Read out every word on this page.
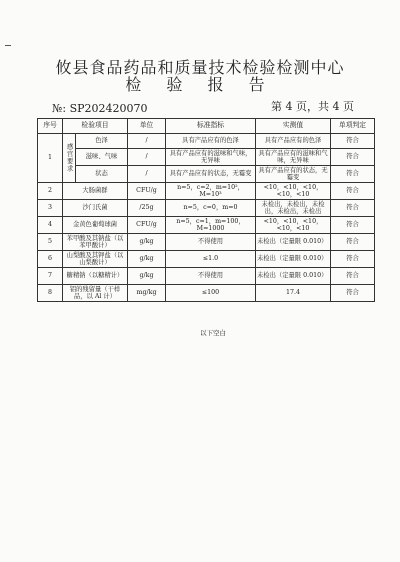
攸县食品药品和质量技术检验检测中心
检 验 报 告
№: SP202420070	第 4 页，共 4 页
序号	检验项目		单位	标准指标	实测值	单项判定
1	感官要求	色泽	/	具有产品应有的色泽	具有产品应有的色泽	符合
		滋味、气味	/	具有产品应有的滋味和气味，无异味	具有产品应有的滋味和气味，无异味	符合
		状态	/	具有产品应有的状态，无霉变	具有产品应有的状态，无霉变	符合
2	大肠菌群		CFU/g	n=5，c=2，m=10²，M=10³	<10，<10，<10，<10，<10	符合
3	沙门氏菌		/25g	n=5，c=0，m=0	未检出，未检出，未检出，未检出，未检出	符合
4	金黄色葡萄球菌		CFU/g	n=5，c=1，m=100，M=1000	<10，<10，<10，<10，<10	符合
5	苯甲酸及其钠盐（以苯甲酸计）		g/kg	不得使用	未检出（定量限 0.010）	符合
6	山梨酸及其钾盐（以山梨酸计）		g/kg	≤1.0	未检出（定量限 0.010）	符合
7	糖精钠（以糖精计）		g/kg	不得使用	未检出（定量限 0.010）	符合
8	铝的残留量（干样品，以 Al 计）		mg/kg	≤100	17.4	符合
以下空白
